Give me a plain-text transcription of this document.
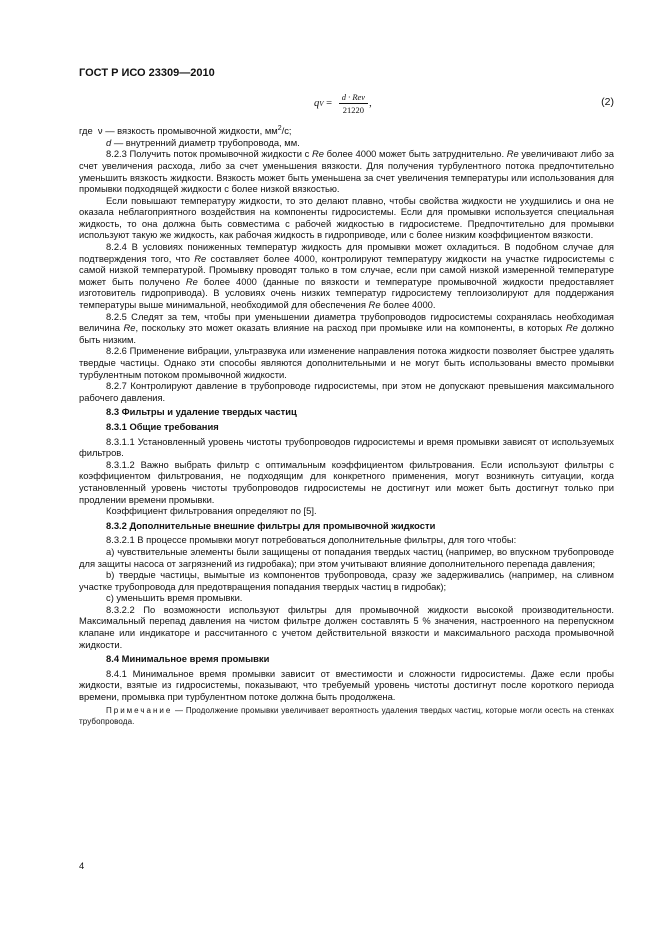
ГОСТ Р ИСО 23309—2010
q $V = \frac{\text{d · Reν}}{21220}$ ,	(2)

где ν — вязкость промывочной жидкости, $мм^2/с$;

d — внутренний диаметр трубопровода, мм.

8.2.3 Получить поток промывочной жидкости с Re более 4000 может быть затруднительно. Re увеличивают либо за счет увеличения расхода, либо за счет уменьшения вязкости. Для получения турбулентного потока предпочтительно уменьшить вязкость жидкости. Вязкость может быть уменьшена за счет увеличения температуры или использования для промывки подходящей жидкости с более низкой вязкостью.

Если повышают температуру жидкости, то это делают плавно, чтобы свойства жидкости не ухудшились и она не оказала неблагоприятного воздействия на компоненты гидросистемы. Если для промывки используется специальная жидкость, то она должна быть совместима с рабочей жидкостью в гидросистеме. Предпочтительно для промывки используют такую же жидкость, как рабочая жидкость в гидроприводе, или с более низким коэффициентом вязкости.

8.2.4 В условиях пониженных температур жидкость для промывки может охладиться. В подобном случае для подтверждения того, что Re составляет более 4000, контролируют температуру жидкости на участке гидросистемы с самой низкой температурой. Промывку проводят только в том случае, если при самой низкой измеренной температуре может быть получено Re более 4000 (данные по вязкости и температуре промывочной жидкости предоставляет изготовитель гидропривода). В условиях очень низких температур гидросистему теплоизолируют для поддержания температуры выше минимальной, необходимой для обеспечения Re более 4000.

8.2.5 Следят за тем, чтобы при уменьшении диаметра трубопроводов гидросистемы сохранялась необходимая величина Re, поскольку это может оказать влияние на расход при промывке или на компоненты, в которых Re должно быть низким.

8.2.6 Применение вибрации, ультразвука или изменение направления потока жидкости позволяет быстрее удалять твердые частицы. Однако эти способы являются дополнительными и не могут быть использованы вместо промывки турбулентным потоком промывочной жидкости.

8.2.7 Контролируют давление в трубопроводе гидросистемы, при этом не допускают превышения максимального рабочего давления.

8.3 Фильтры и удаление твердых частиц

8.3.1 Общие требования

8.3.1.1 Установленный уровень чистоты трубопроводов гидросистемы и время промывки зависят от используемых фильтров.

8.3.1.2 Важно выбрать фильтр с оптимальным коэффициентом фильтрования. Если используют фильтры с коэффициентом фильтрования, не подходящим для конкретного применения, могут возникнуть ситуации, когда установленный уровень чистоты трубопроводов гидросистемы не достигнут или может быть достигнут только при продлении времени промывки.

Коэффициент фильтрования определяют по [5].

8.3.2 Дополнительные внешние фильтры для промывочной жидкости

8.3.2.1 В процессе промывки могут потребоваться дополнительные фильтры, для того чтобы:

а) чувствительные элементы были защищены от попадания твердых частиц (например, во впускном трубопроводе для защиты насоса от загрязнений из гидробака); при этом учитывают влияние дополнительного перепада давления;

b) твердые частицы, вымытые из компонентов трубопровода, сразу же задерживались (например, на сливном участке трубопровода для предотвращения попадания твердых частиц в гидробак);

с) уменьшить время промывки.

8.3.2.2 По возможности используют фильтры для промывочной жидкости высокой производительности. Максимальный перепад давления на чистом фильтре должен составлять 5 % значения, настроенного на перепускном клапане или индикаторе и рассчитанного с учетом действительной вязкости и максимального расхода промывочной жидкости.

8.4 Минимальное время промывки

8.4.1 Минимальное время промывки зависит от вместимости и сложности гидросистемы. Даже если пробы жидкости, взятые из гидросистемы, показывают, что требуемый уровень чистоты достигнут после короткого периода времени, промывка при турбулентном потоке должна быть продолжена.

Примечание — Продолжение промывки увеличивает вероятность удаления твердых частиц, которые могли осесть на стенках трубопровода.

4
